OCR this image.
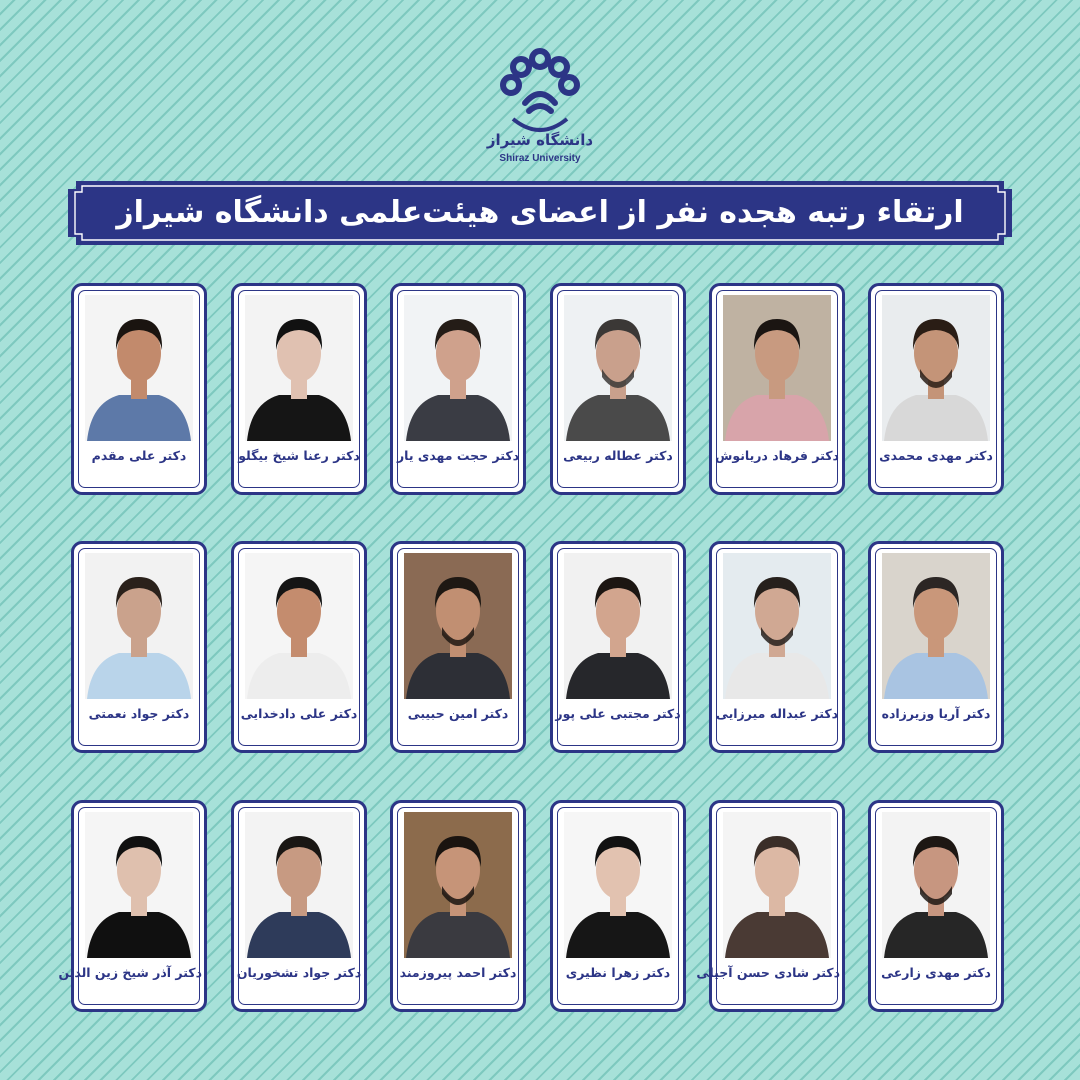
دانشگاه شیراز
Shiraz University
ارتقاء رتبه هجده نفر از اعضای هیئت‌علمی دانشگاه شیراز
دکتر مهدی محمدی
دکتر فرهاد دریانوش
دکتر عطاله ربیعی
دکتر حجت مهدی یار
دکتر رعنا شیخ بیگلو
دکتر علی مقدم
دکتر آریا وزیرزاده
دکتر عبداله میرزایی
دکتر مجتبی علی پور
دکتر امین حبیبی
دکتر علی دادخدایی
دکتر جواد نعمتی
دکتر مهدی زارعی
دکتر شادی حسن آجیلی
دکتر زهرا نظیری
دکتر احمد پیروزمند
دکتر جواد تشخوریان
دکتر آذر شیخ زین الدین
